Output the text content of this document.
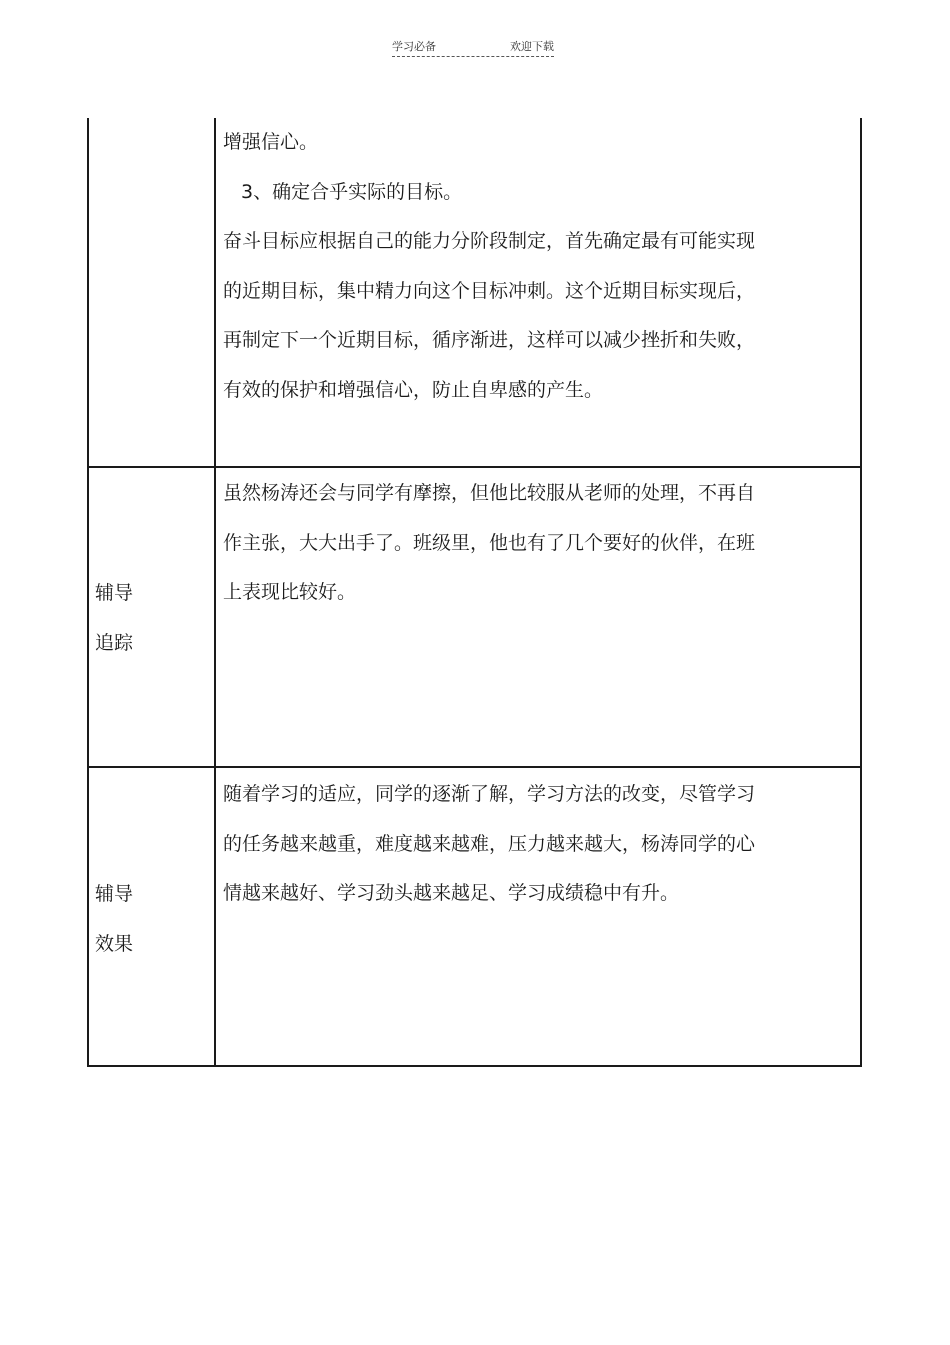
学习必备	欢迎下载

增强信心。

3、确定合乎实际的目标。

奋斗目标应根据自己的能力分阶段制定，首先确定最有可能实现

的近期目标，集中精力向这个目标冲刺。这个近期目标实现后，

再制定下一个近期目标，循序渐进，这样可以减少挫折和失败，

有效的保护和增强信心，防止自卑感的产生。

辅导
追踪

虽然杨涛还会与同学有摩擦，但他比较服从老师的处理，不再自

作主张，大大出手了。班级里，他也有了几个要好的伙伴，在班

上表现比较好。

辅导
效果

随着学习的适应，同学的逐渐了解，学习方法的改变，尽管学习

的任务越来越重，难度越来越难，压力越来越大，杨涛同学的心

情越来越好、学习劲头越来越足、学习成绩稳中有升。
